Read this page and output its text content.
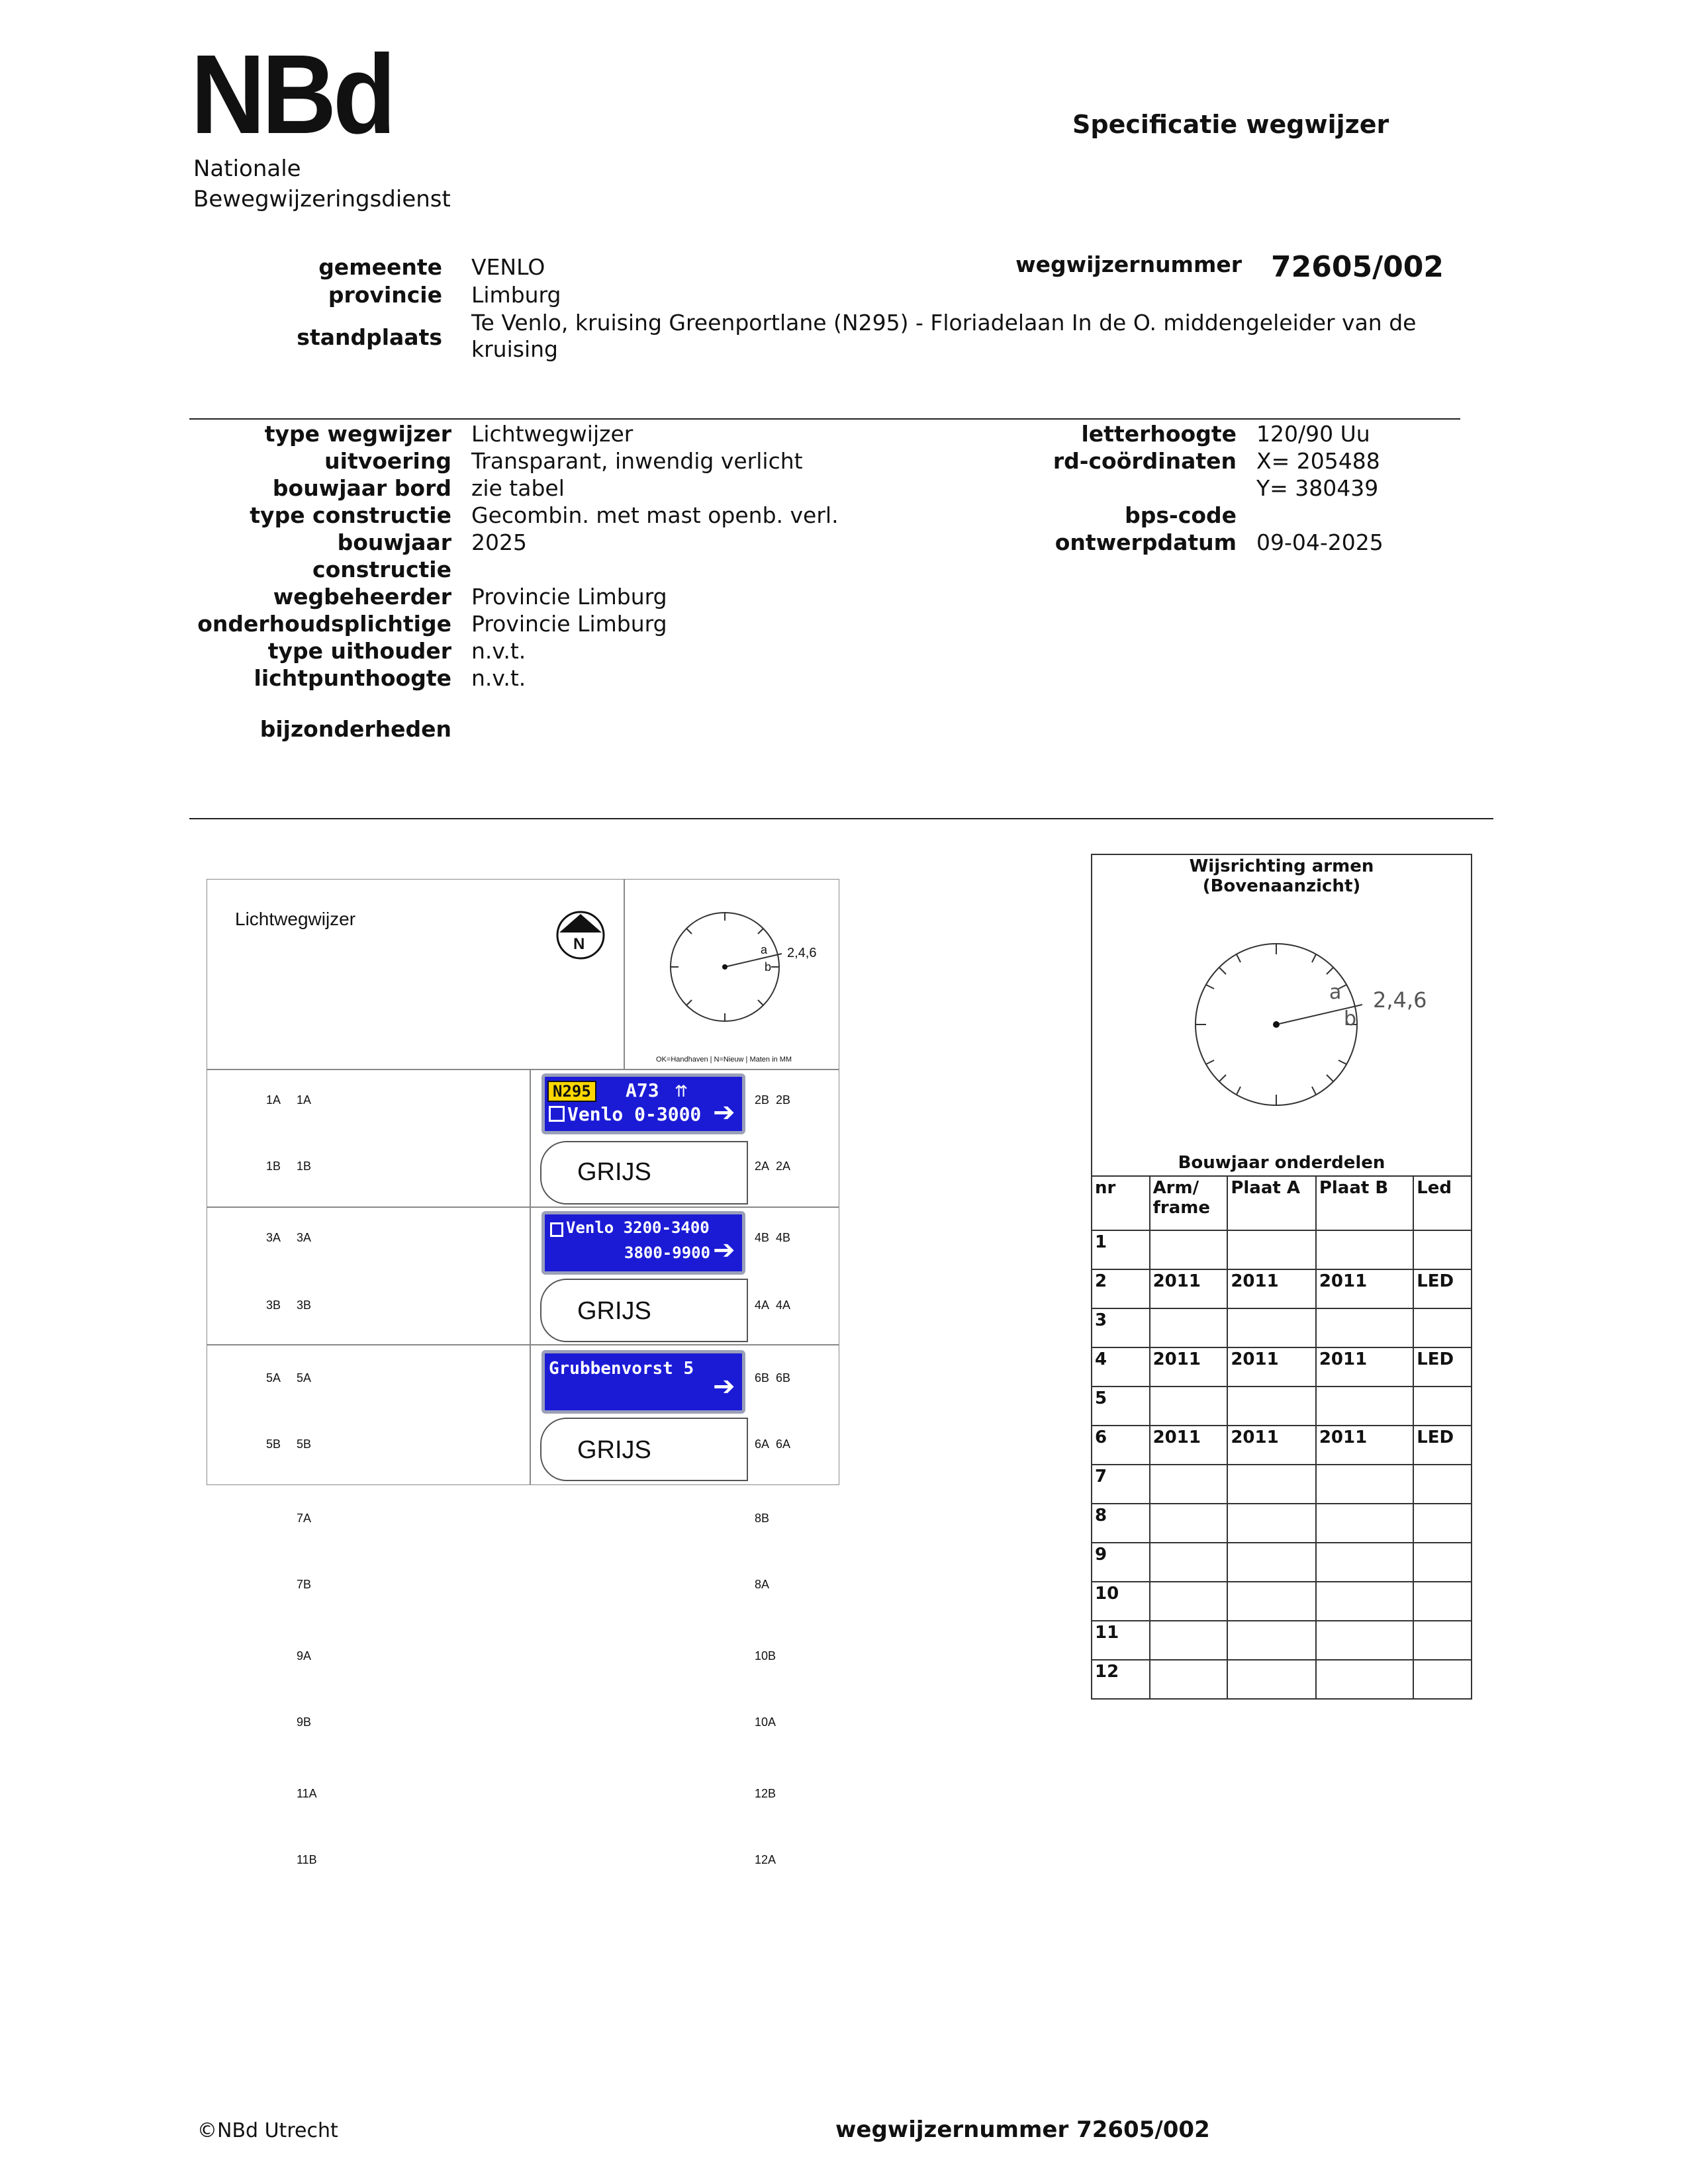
NBd
Nationale
Bewegwijzeringsdienst
Specificatie wegwijzer
gemeente VENLO
provincie Limburg
standplaats
Te Venlo, kruising Greenportlane (N295) - Floriadelaan In de O. middengeleider van de
kruising
wegwijzernummer 72605/002
type wegwijzer Lichtwegwijzer
uitvoering Transparant, inwendig verlicht
bouwjaar bord zie tabel
type constructie Gecombin. met mast openb. verl.
bouwjaar 2025
constructie
wegbeheerder Provincie Limburg
onderhoudsplichtige Provincie Limburg
type uithouder n.v.t.
lichtpunthoogte n.v.t.
letterhoogte 120/90 Uu
rd-coördinaten X= 205488
Y= 380439
bps-code
ontwerpdatum 09-04-2025
bijzonderheden
Lichtwegwijzer
N	a
b
2,4,6
OK=Handhaven | N=Nieuw | Maten in MM
1A 1A	2B 2B
1B 1B	2A 2A
3A 3A	4B 4B
3B 3B	4A 4A
5A 5A	6B 6B
5B 5B	6A 6A
N295 A73 ⇈
Venlo 0-3000 ➔
GRIJS
Venlo 3200-3400
3800-9900 ➔
GRIJS
Grubbenvorst 5
➔
GRIJS
7A
7B
9A
9B
11A
11B
8B
8A
10B
10A
12B
12A
Wijsrichting armen
(Bovenaanzicht)
a
b
2,4,6
Bouwjaar onderdelen
nr	Arm/ frame	Plaat A	Plaat B	Led
1				
2	2011	2011	2011	LED
3				
4	2011	2011	2011	LED
5				
6	2011	2011	2011	LED
7				
8				
9				
10				
11				
12				
©NBd Utrecht	wegwijzernummer 72605/002
